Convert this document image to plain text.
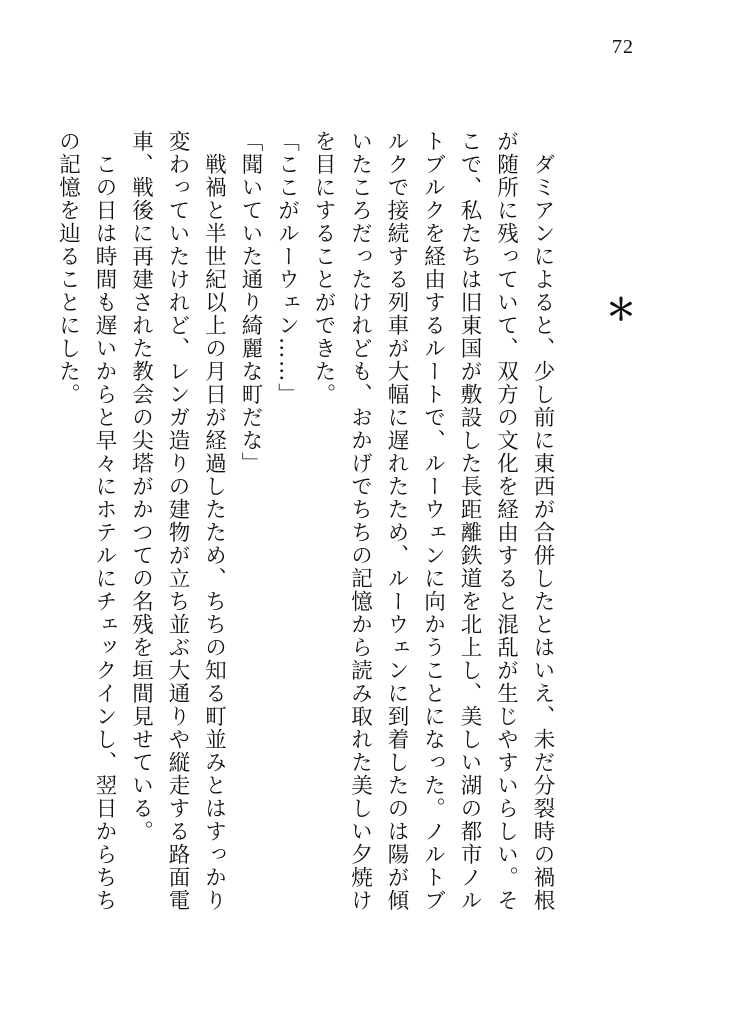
72
＊

　ダミアンによると、少し前に東西が合併したとはいえ、未だ分裂時の禍根が随所に残っていて、双方の文化を経由すると混乱が生じやすいらしい。そこで、私たちは旧東国が敷設した長距離鉄道を北上し、美しい湖の都市ノルトブルクを経由するルートで、ルーウェンに向かうことになった。ノルトブルクで接続する列車が大幅に遅れたため、ルーウェンに到着したのは陽が傾いたころだったけれども、おかげでちちの記憶から読み取れた美しい夕焼けを目にすることができた。

「ここがルーウェン……」

「聞いていた通り綺麗な町だな」

　戦禍と半世紀以上の月日が経過したため、ちちの知る町並みとはすっかり変わっていたけれど、レンガ造りの建物が立ち並ぶ大通りや縦走する路面電車、戦後に再建された教会の尖塔がかつての名残を垣間見せている。

　この日は時間も遅いからと早々にホテルにチェックインし、翌日からちちの記憶を辿ることにした。
